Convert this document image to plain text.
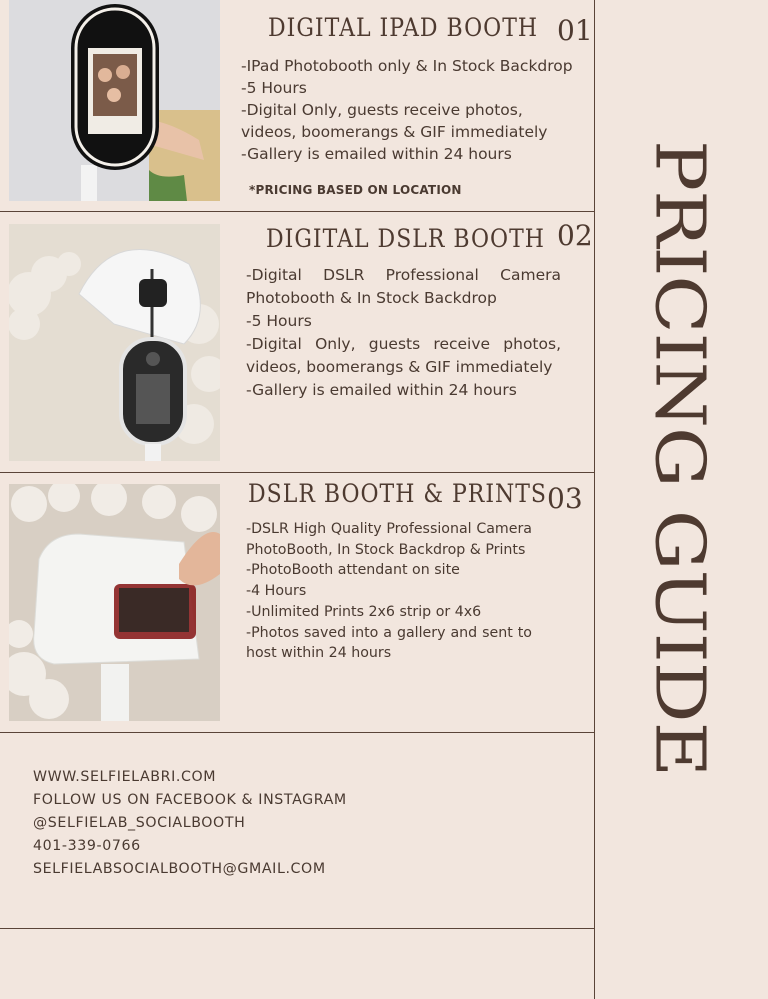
DIGITAL IPAD BOOTH 01
-IPad Photobooth only & In Stock Backdrop
-5 Hours
-Digital Only, guests receive photos, videos, boomerangs & GIF immediately
-Gallery is emailed within 24 hours
*PRICING BASED ON LOCATION
DIGITAL DSLR BOOTH 02
-Digital DSLR Professional Camera Photobooth & In Stock Backdrop
-5 Hours
-Digital Only, guests receive photos, videos, boomerangs & GIF immediately
-Gallery is emailed within 24 hours
DSLR BOOTH & PRINTS 03
-DSLR High Quality Professional Camera PhotoBooth, In Stock Backdrop & Prints
-PhotoBooth attendant on site
-4 Hours
-Unlimited Prints 2x6 strip or 4x6
-Photos saved into a gallery and sent to host within 24 hours
WWW.SELFIELABRI.COM
FOLLOW US ON FACEBOOK & INSTAGRAM
@SELFIELAB_SOCIALBOOTH
401-339-0766
SELFIELABSOCIALBOOTH@GMAIL.COM
PRICING GUIDE
